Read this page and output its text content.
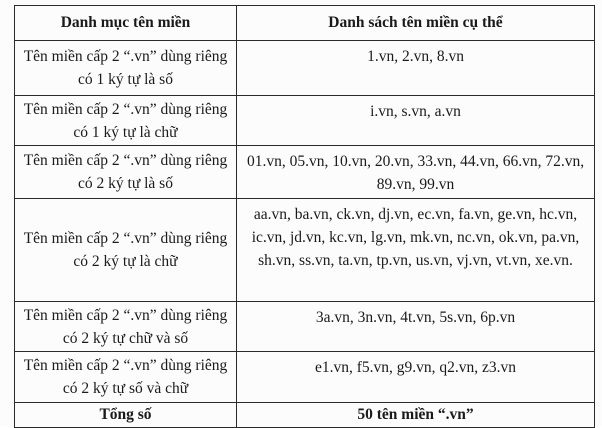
Danh mục tên miền	Danh sách tên miền cụ thể
Tên miền cấp 2 “.vn” dùng riêng có 1 ký tự là số	1.vn, 2.vn, 8.vn
Tên miền cấp 2 “.vn” dùng riêng có 1 ký tự là chữ	i.vn, s.vn, a.vn
Tên miền cấp 2 “.vn” dùng riêng có 2 ký tự là số	01.vn, 05.vn, 10.vn, 20.vn, 33.vn, 44.vn, 66.vn, 72.vn, 89.vn, 99.vn
Tên miền cấp 2 “.vn” dùng riêng có 2 ký tự là chữ	aa.vn, ba.vn, ck.vn, dj.vn, ec.vn, fa.vn, ge.vn, hc.vn, ic.vn, jd.vn, kc.vn, lg.vn, mk.vn, nc.vn, ok.vn, pa.vn, sh.vn, ss.vn, ta.vn, tp.vn, us.vn, vj.vn, vt.vn, xe.vn.
Tên miền cấp 2 “.vn” dùng riêng có 2 ký tự chữ và số	3a.vn, 3n.vn, 4t.vn, 5s.vn, 6p.vn
Tên miền cấp 2 “.vn” dùng riêng có 2 ký tự số và chữ	e1.vn, f5.vn, g9.vn, q2.vn, z3.vn
Tổng số	50 tên miền “.vn”
